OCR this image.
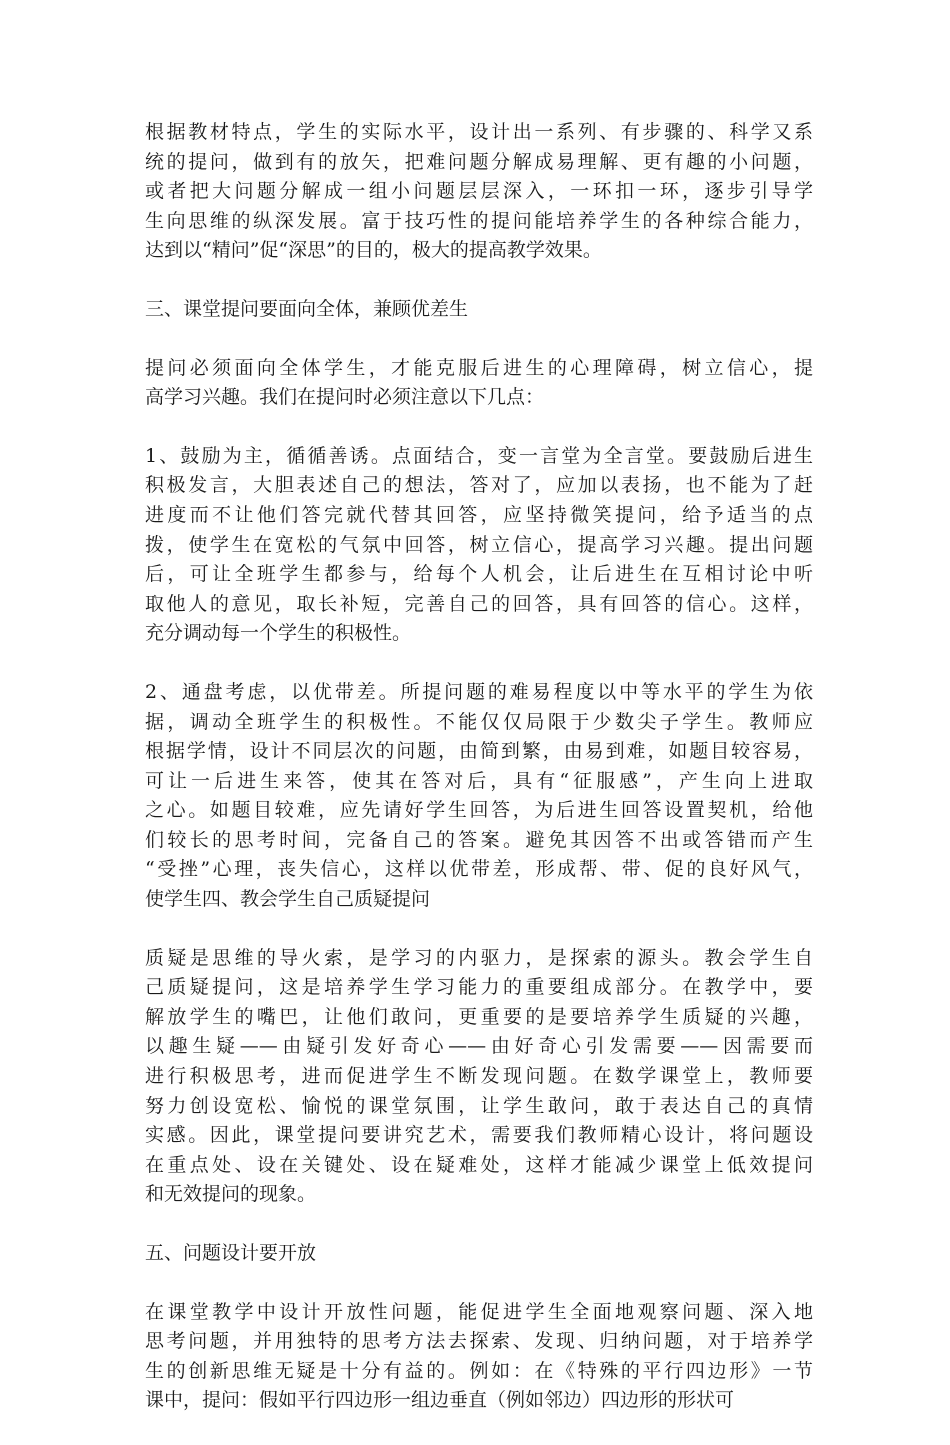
根据教材特点，学生的实际水平，设计出一系列、有步骤的、科学又系
统的提问，做到有的放矢，把难问题分解成易理解、更有趣的小问题，
或者把大问题分解成一组小问题层层深入，一环扣一环，逐步引导学
生向思维的纵深发展。富于技巧性的提问能培养学生的各种综合能力，
达到以“精问”促“深思”的目的，极大的提高教学效果。
三、课堂提问要面向全体，兼顾优差生
提问必须面向全体学生，才能克服后进生的心理障碍，树立信心，提
高学习兴趣。我们在提问时必须注意以下几点：
1、鼓励为主，循循善诱。点面结合，变一言堂为全言堂。要鼓励后进生
积极发言，大胆表述自己的想法，答对了，应加以表扬，也不能为了赶
进度而不让他们答完就代替其回答，应坚持微笑提问，给予适当的点
拨，使学生在宽松的气氛中回答，树立信心，提高学习兴趣。提出问题
后，可让全班学生都参与，给每个人机会，让后进生在互相讨论中听
取他人的意见，取长补短，完善自己的回答，具有回答的信心。这样，
充分调动每一个学生的积极性。
2、通盘考虑，以优带差。所提问题的难易程度以中等水平的学生为依
据，调动全班学生的积极性。不能仅仅局限于少数尖子学生。教师应
根据学情，设计不同层次的问题，由简到繁，由易到难，如题目较容易，
可让一后进生来答，使其在答对后，具有“征服感”，产生向上进取
之心。如题目较难，应先请好学生回答，为后进生回答设置契机，给他
们较长的思考时间，完备自己的答案。避免其因答不出或答错而产生
“受挫”心理，丧失信心，这样以优带差，形成帮、带、促的良好风气，
使学生四、教会学生自己质疑提问
质疑是思维的导火索，是学习的内驱力，是探索的源头。教会学生自
己质疑提问，这是培养学生学习能力的重要组成部分。在教学中，要
解放学生的嘴巴，让他们敢问，更重要的是要培养学生质疑的兴趣，
以趣生疑——由疑引发好奇心——由好奇心引发需要——因需要而
进行积极思考，进而促进学生不断发现问题。在数学课堂上，教师要
努力创设宽松、愉悦的课堂氛围，让学生敢问，敢于表达自己的真情
实感。因此，课堂提问要讲究艺术，需要我们教师精心设计，将问题设
在重点处、设在关键处、设在疑难处，这样才能减少课堂上低效提问
和无效提问的现象。
五、问题设计要开放
在课堂教学中设计开放性问题，能促进学生全面地观察问题、深入地
思考问题，并用独特的思考方法去探索、发现、归纳问题，对于培养学
生的创新思维无疑是十分有益的。例如：在《特殊的平行四边形》一节
课中，提问：假如平行四边形一组边垂直（例如邻边）四边形的形状可
